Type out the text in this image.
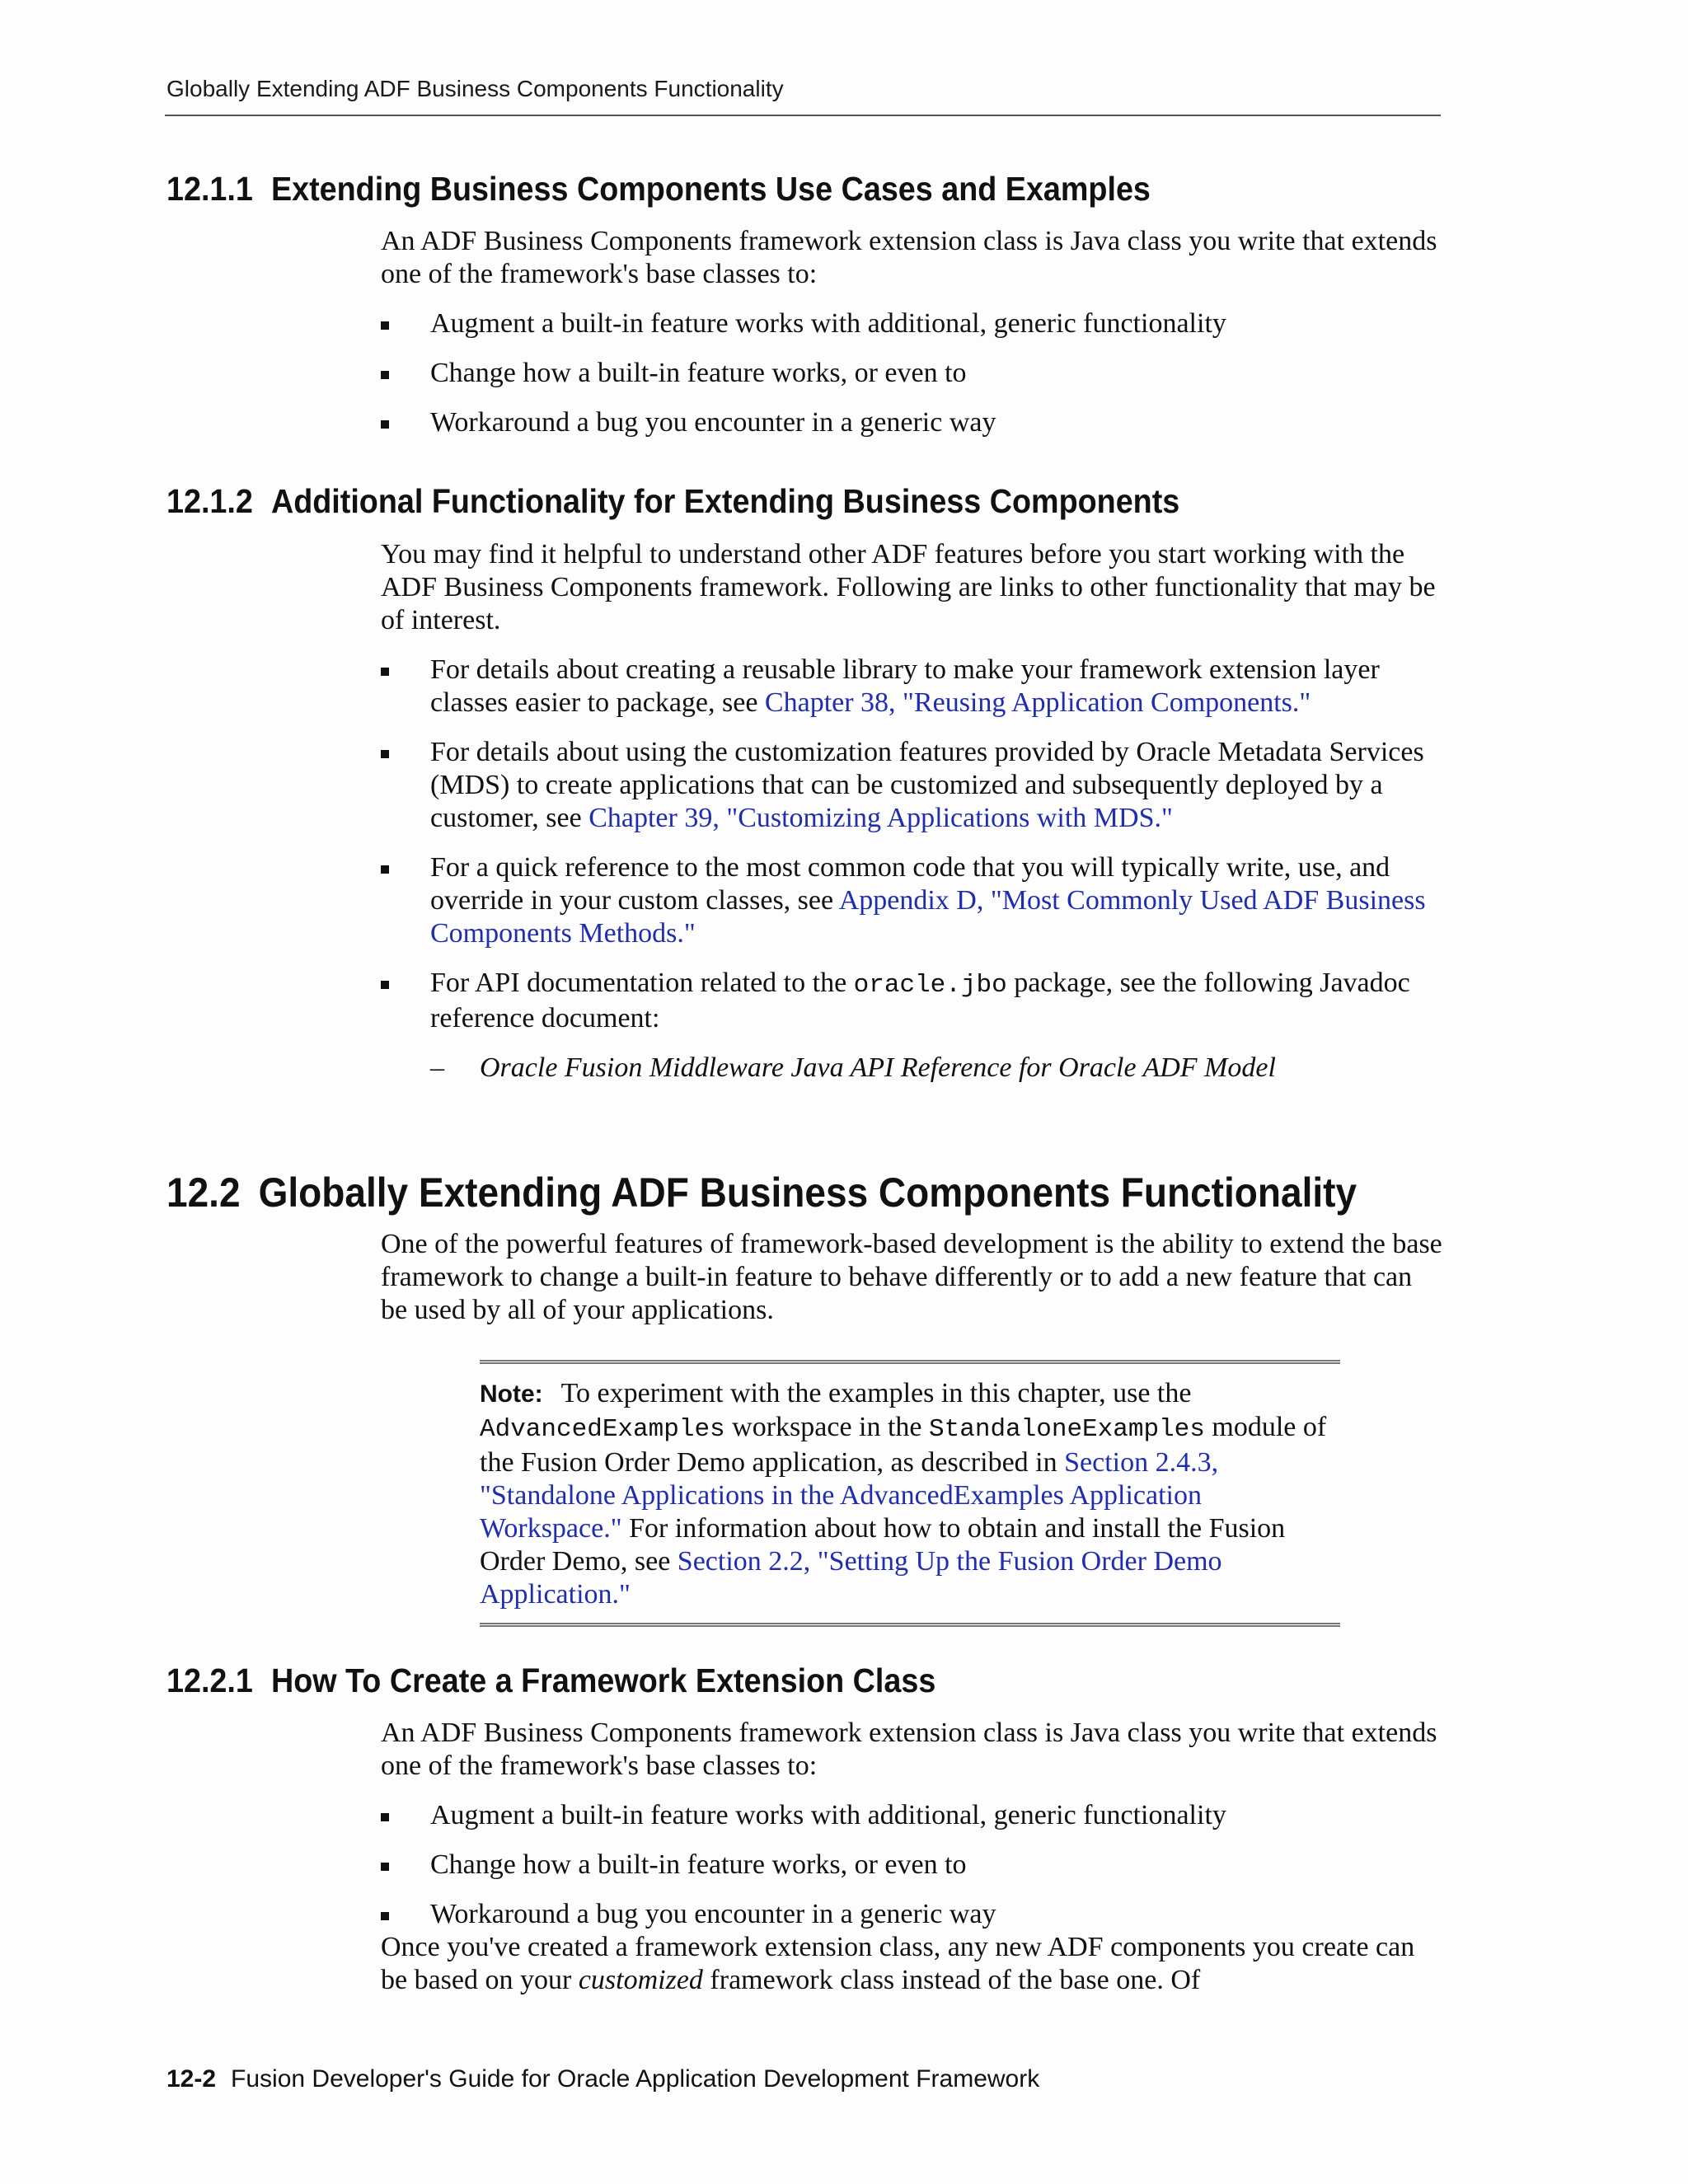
Globally Extending ADF Business Components Functionality
12.1.1 Extending Business Components Use Cases and Examples

An ADF Business Components framework extension class is Java class you write that extends one of the framework's base classes to:

Augment a built-in feature works with additional, generic functionality
Change how a built-in feature works, or even to
Workaround a bug you encounter in a generic way
12.1.2 Additional Functionality for Extending Business Components

You may find it helpful to understand other ADF features before you start working with the ADF Business Components framework. Following are links to other functionality that may be of interest.

For details about creating a reusable library to make your framework extension layer classes easier to package, see Chapter 38, "Reusing Application Components."
For details about using the customization features provided by Oracle Metadata Services (MDS) to create applications that can be customized and subsequently deployed by a customer, see Chapter 39, "Customizing Applications with MDS."
For a quick reference to the most common code that you will typically write, use, and override in your custom classes, see Appendix D, "Most Commonly Used ADF Business Components Methods."
For API documentation related to the oracle.jbo package, see the following Javadoc reference document:
– Oracle Fusion Middleware Java API Reference for Oracle ADF Model
12.2 Globally Extending ADF Business Components Functionality

One of the powerful features of framework-based development is the ability to extend the base framework to change a built-in feature to behave differently or to add a new feature that can be used by all of your applications.

Note: To experiment with the examples in this chapter, use the AdvancedExamples workspace in the StandaloneExamples module of the Fusion Order Demo application, as described in Section 2.4.3, "Standalone Applications in the AdvancedExamples Application Workspace." For information about how to obtain and install the Fusion Order Demo, see Section 2.2, "Setting Up the Fusion Order Demo Application."

12.2.1 How To Create a Framework Extension Class

An ADF Business Components framework extension class is Java class you write that extends one of the framework's base classes to:

Augment a built-in feature works with additional, generic functionality
Change how a built-in feature works, or even to
Workaround a bug you encounter in a generic way

Once you've created a framework extension class, any new ADF components you create can be based on your customized framework class instead of the base one. Of

12-2 Fusion Developer's Guide for Oracle Application Development Framework
